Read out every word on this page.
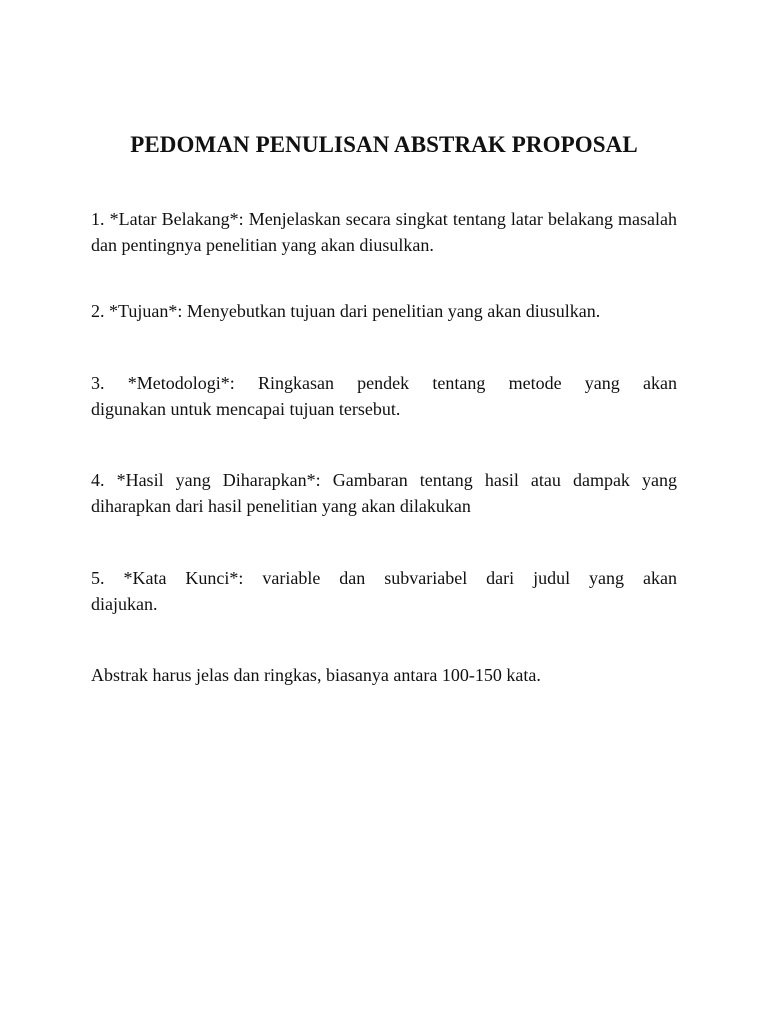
PEDOMAN PENULISAN ABSTRAK PROPOSAL
1. *Latar Belakang*: Menjelaskan secara singkat tentang latar belakang masalah dan pentingnya penelitian yang akan diusulkan.
2. *Tujuan*: Menyebutkan tujuan dari penelitian yang akan diusulkan.
3. *Metodologi*: Ringkasan pendek tentang metode yang akan
digunakan untuk mencapai tujuan tersebut.
4. *Hasil yang Diharapkan*: Gambaran tentang hasil atau dampak yang diharapkan dari hasil penelitian yang akan dilakukan
5. *Kata Kunci*: variable dan subvariabel dari judul yang akan
diajukan.
Abstrak harus jelas dan ringkas, biasanya antara 100-150 kata.
